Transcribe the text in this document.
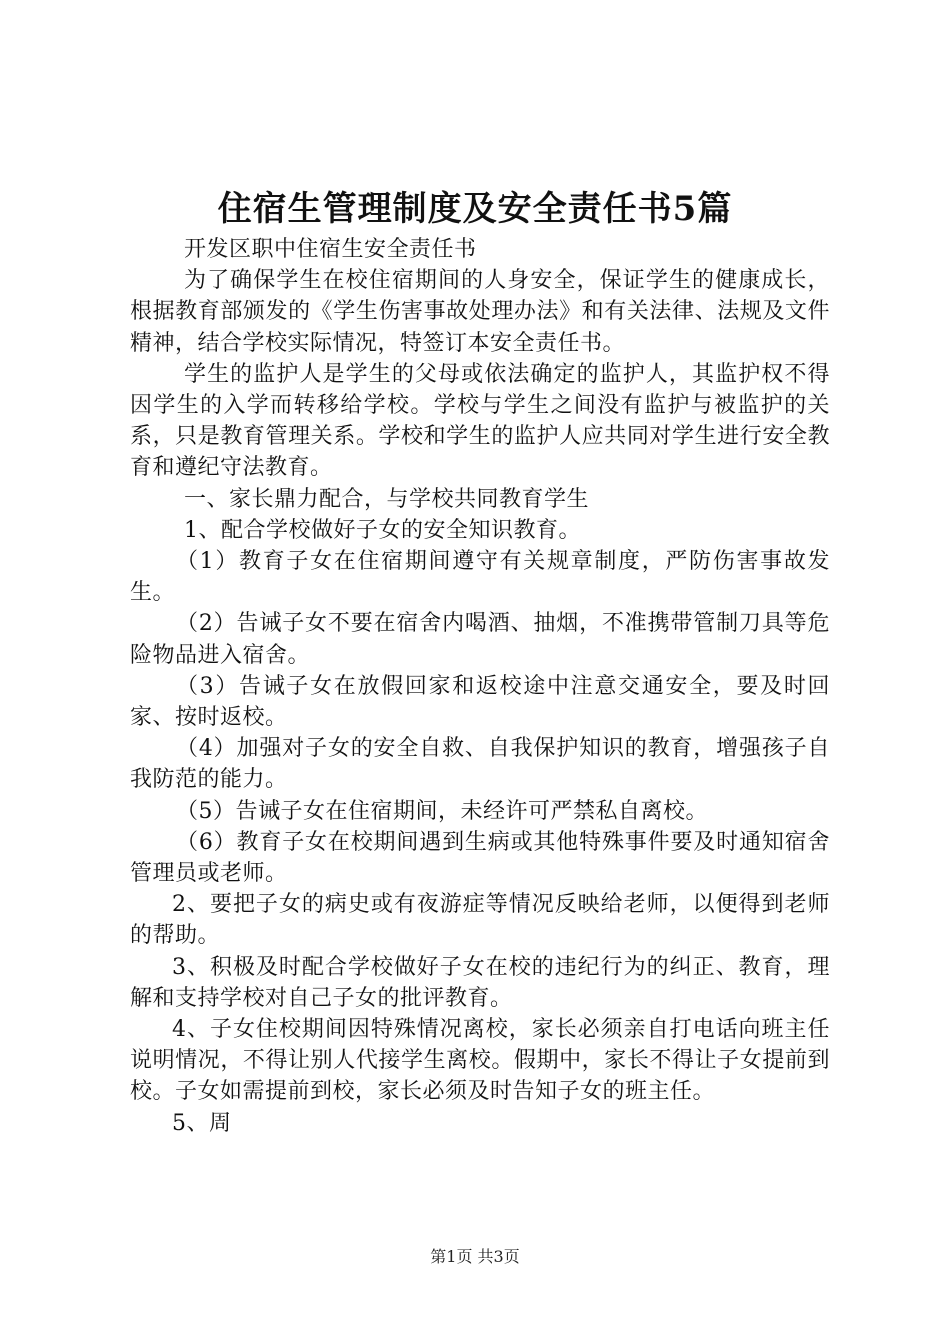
住宿生管理制度及安全责任书5篇

开发区职中住宿生安全责任书

为了确保学生在校住宿期间的人身安全，保证学生的健康成长，根据教育部颁发的《学生伤害事故处理办法》和有关法律、法规及文件精神，结合学校实际情况，特签订本安全责任书。

学生的监护人是学生的父母或依法确定的监护人，其监护权不得因学生的入学而转移给学校。学校与学生之间没有监护与被监护的关系，只是教育管理关系。学校和学生的监护人应共同对学生进行安全教育和遵纪守法教育。

一、家长鼎力配合，与学校共同教育学生

1、配合学校做好子女的安全知识教育。

（1）教育子女在住宿期间遵守有关规章制度，严防伤害事故发生。

（2）告诫子女不要在宿舍内喝酒、抽烟，不准携带管制刀具等危险物品进入宿舍。

（3）告诫子女在放假回家和返校途中注意交通安全，要及时回家、按时返校。

（4）加强对子女的安全自救、自我保护知识的教育，增强孩子自我防范的能力。

（5）告诫子女在住宿期间，未经许可严禁私自离校。

（6）教育子女在校期间遇到生病或其他特殊事件要及时通知宿舍管理员或老师。

2、要把子女的病史或有夜游症等情况反映给老师，以便得到老师的帮助。

3、积极及时配合学校做好子女在校的违纪行为的纠正、教育，理解和支持学校对自己子女的批评教育。

4、子女住校期间因特殊情况离校，家长必须亲自打电话向班主任说明情况，不得让别人代接学生离校。假期中，家长不得让子女提前到校。子女如需提前到校，家长必须及时告知子女的班主任。

5、周

第1页 共3页
